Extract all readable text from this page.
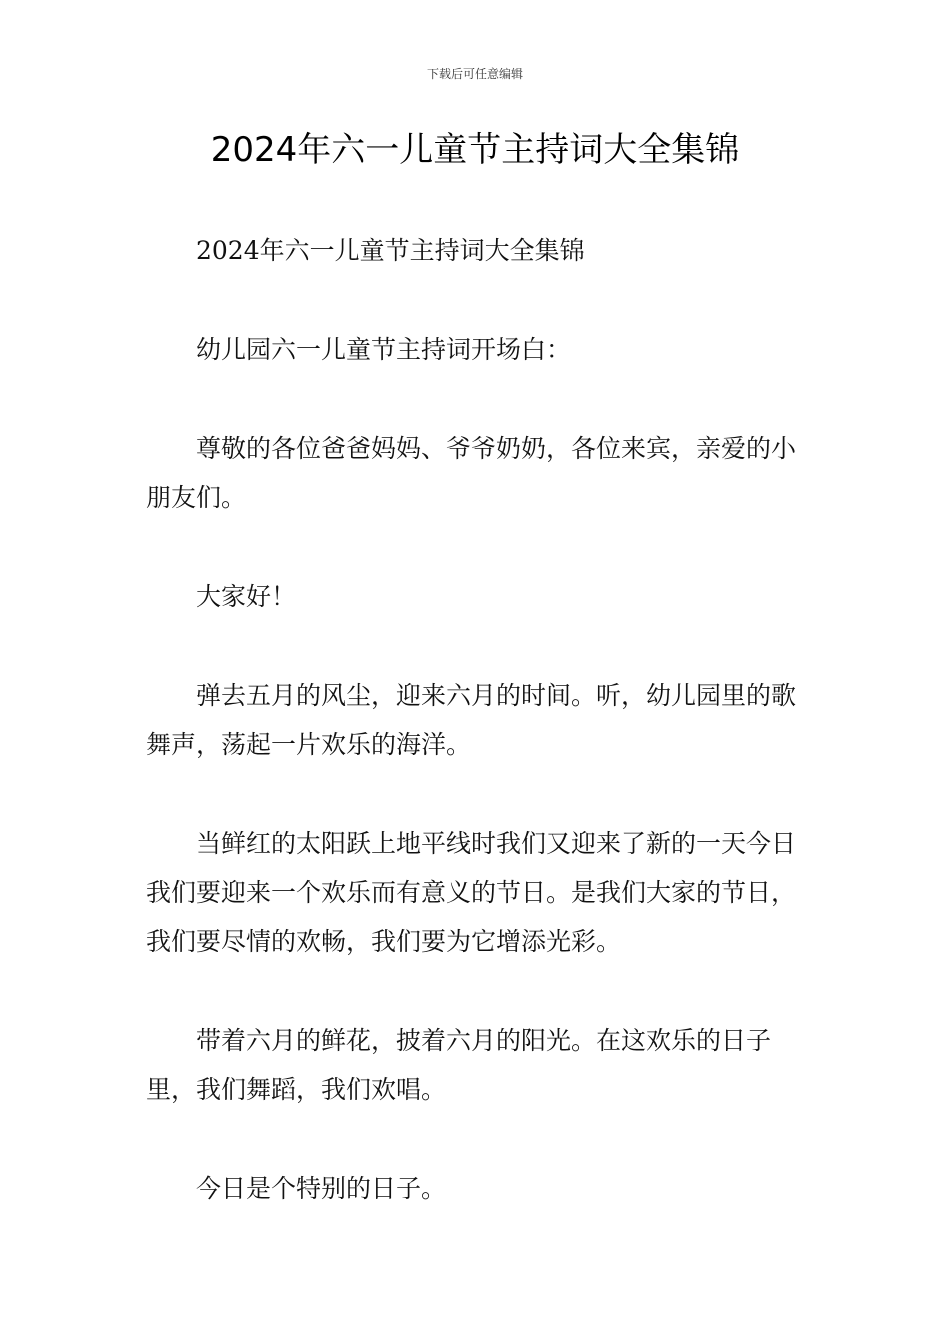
下载后可任意编辑
2024年六一儿童节主持词大全集锦

2024年六一儿童节主持词大全集锦

幼儿园六一儿童节主持词开场白：

尊敬的各位爸爸妈妈、爷爷奶奶，各位来宾，亲爱的小朋友们。

大家好！

弹去五月的风尘，迎来六月的时间。听，幼儿园里的歌舞声，荡起一片欢乐的海洋。

当鲜红的太阳跃上地平线时我们又迎来了新的一天今日我们要迎来一个欢乐而有意义的节日。是我们大家的节日，我们要尽情的欢畅，我们要为它增添光彩。

带着六月的鲜花，披着六月的阳光。在这欢乐的日子里，我们舞蹈，我们欢唱。

今日是个特别的日子。
